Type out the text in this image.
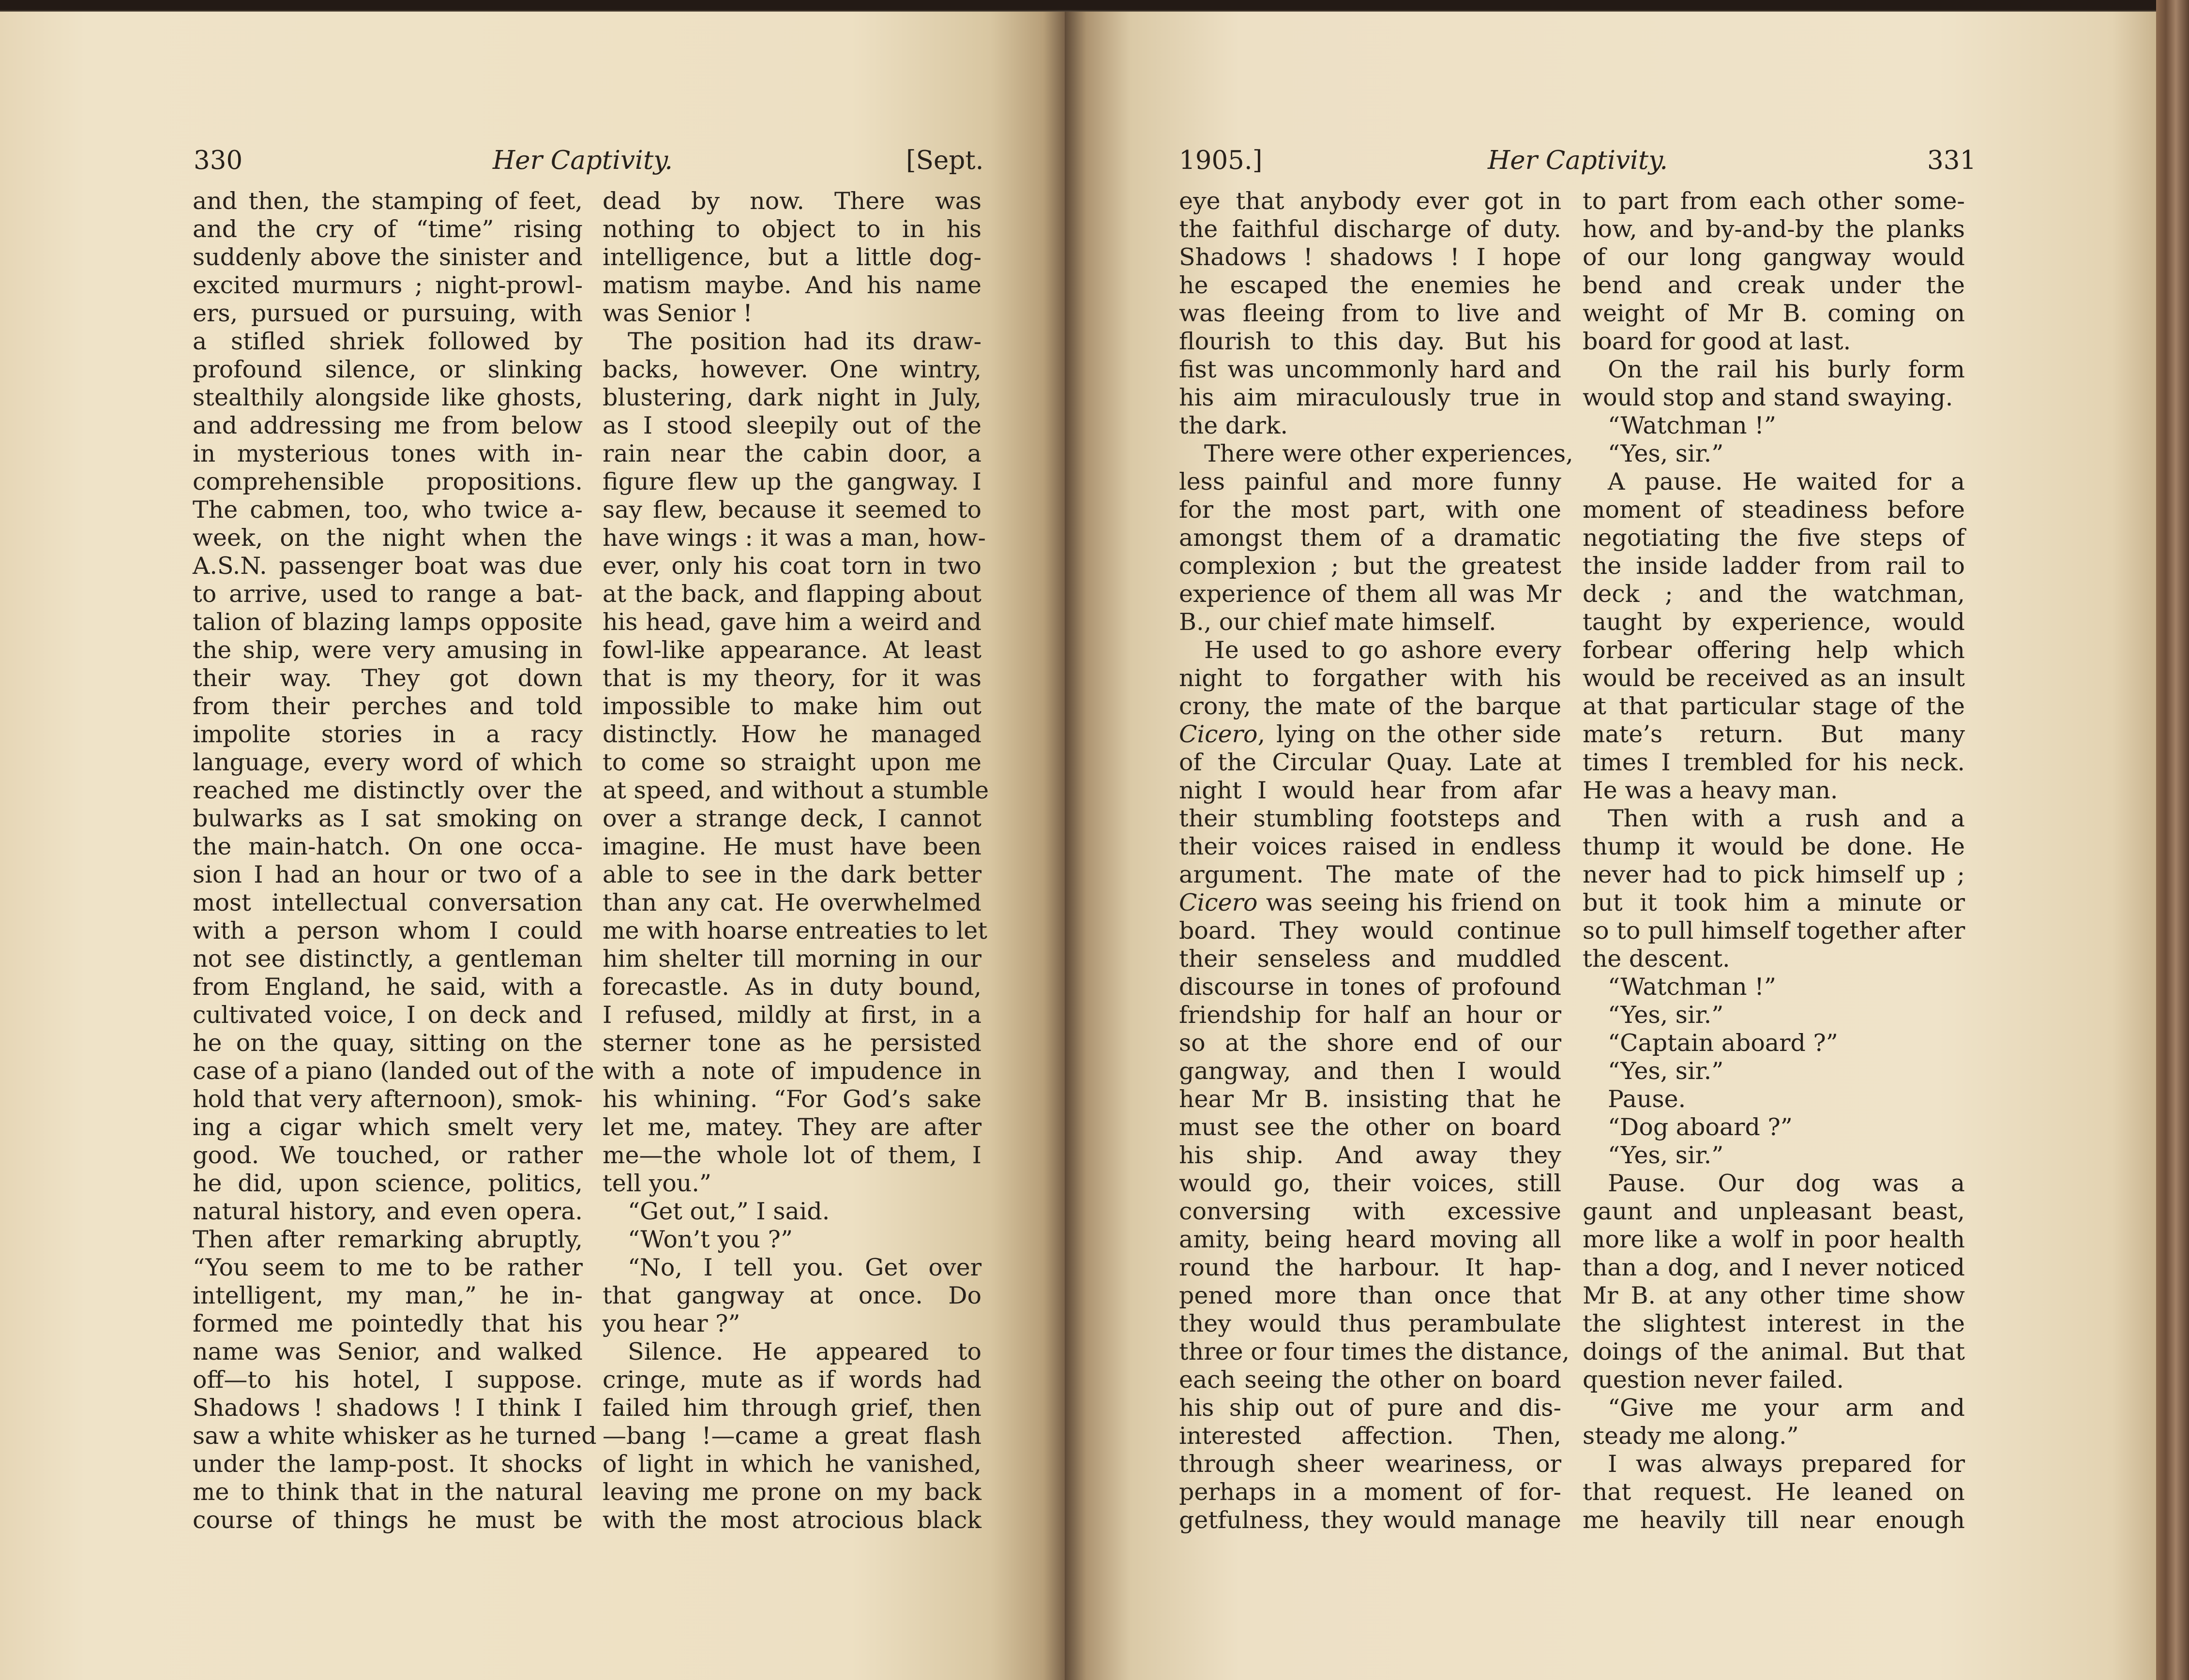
330	Her Captivity.	[Sept.
and then, the stamping of feet,
and the cry of “time” rising
suddenly above the sinister and
excited murmurs ; night-prowl-
ers, pursued or pursuing, with
a stifled shriek followed by
profound silence, or slinking
stealthily alongside like ghosts,
and addressing me from below
in mysterious tones with in-
comprehensible propositions.
The cabmen, too, who twice a-
week, on the night when the
A.S.N. passenger boat was due
to arrive, used to range a bat-
talion of blazing lamps opposite
the ship, were very amusing in
their way. They got down
from their perches and told
impolite stories in a racy
language, every word of which
reached me distinctly over the
bulwarks as I sat smoking on
the main-hatch. On one occa-
sion I had an hour or two of a
most intellectual conversation
with a person whom I could
not see distinctly, a gentleman
from England, he said, with a
cultivated voice, I on deck and
he on the quay, sitting on the
case of a piano (landed out of the
hold that very afternoon), smok-
ing a cigar which smelt very
good. We touched, or rather
he did, upon science, politics,
natural history, and even opera.
Then after remarking abruptly,
“You seem to me to be rather
intelligent, my man,” he in-
formed me pointedly that his
name was Senior, and walked
off—to his hotel, I suppose.
Shadows ! shadows ! I think I
saw a white whisker as he turned
under the lamp-post. It shocks
me to think that in the natural
course of things he must be
dead by now. There was
nothing to object to in his
intelligence, but a little dog-
matism maybe. And his name
was Senior !
The position had its draw-
backs, however. One wintry,
blustering, dark night in July,
as I stood sleepily out of the
rain near the cabin door, a
figure flew up the gangway. I
say flew, because it seemed to
have wings : it was a man, how-
ever, only his coat torn in two
at the back, and flapping about
his head, gave him a weird and
fowl-like appearance. At least
that is my theory, for it was
impossible to make him out
distinctly. How he managed
to come so straight upon me
at speed, and without a stumble
over a strange deck, I cannot
imagine. He must have been
able to see in the dark better
than any cat. He overwhelmed
me with hoarse entreaties to let
him shelter till morning in our
forecastle. As in duty bound,
I refused, mildly at first, in a
sterner tone as he persisted
with a note of impudence in
his whining. “For God’s sake
let me, matey. They are after
me—the whole lot of them, I
tell you.”
“Get out,” I said.
“Won’t you ?”
“No, I tell you. Get over
that gangway at once. Do
you hear ?”
Silence. He appeared to
cringe, mute as if words had
failed him through grief, then
—bang !—came a great flash
of light in which he vanished,
leaving me prone on my back
with the most atrocious black
1905.]	Her Captivity.	331
eye that anybody ever got in
the faithful discharge of duty.
Shadows ! shadows ! I hope
he escaped the enemies he
was fleeing from to live and
flourish to this day. But his
fist was uncommonly hard and
his aim miraculously true in
the dark.
There were other experiences,
less painful and more funny
for the most part, with one
amongst them of a dramatic
complexion ; but the greatest
experience of them all was Mr
B., our chief mate himself.
He used to go ashore every
night to forgather with his
crony, the mate of the barque
Cicero, lying on the other side
of the Circular Quay. Late at
night I would hear from afar
their stumbling footsteps and
their voices raised in endless
argument. The mate of the
Cicero was seeing his friend on
board. They would continue
their senseless and muddled
discourse in tones of profound
friendship for half an hour or
so at the shore end of our
gangway, and then I would
hear Mr B. insisting that he
must see the other on board
his ship. And away they
would go, their voices, still
conversing with excessive
amity, being heard moving all
round the harbour. It hap-
pened more than once that
they would thus perambulate
three or four times the distance,
each seeing the other on board
his ship out of pure and dis-
interested affection. Then,
through sheer weariness, or
perhaps in a moment of for-
getfulness, they would manage
to part from each other some-
how, and by-and-by the planks
of our long gangway would
bend and creak under the
weight of Mr B. coming on
board for good at last.
On the rail his burly form
would stop and stand swaying.
“Watchman !”
“Yes, sir.”
A pause. He waited for a
moment of steadiness before
negotiating the five steps of
the inside ladder from rail to
deck ; and the watchman,
taught by experience, would
forbear offering help which
would be received as an insult
at that particular stage of the
mate’s return. But many
times I trembled for his neck.
He was a heavy man.
Then with a rush and a
thump it would be done. He
never had to pick himself up ;
but it took him a minute or
so to pull himself together after
the descent.
“Watchman !”
“Yes, sir.”
“Captain aboard ?”
“Yes, sir.”
Pause.
“Dog aboard ?”
“Yes, sir.”
Pause. Our dog was a
gaunt and unpleasant beast,
more like a wolf in poor health
than a dog, and I never noticed
Mr B. at any other time show
the slightest interest in the
doings of the animal. But that
question never failed.
“Give me your arm and
steady me along.”
I was always prepared for
that request. He leaned on
me heavily till near enough
